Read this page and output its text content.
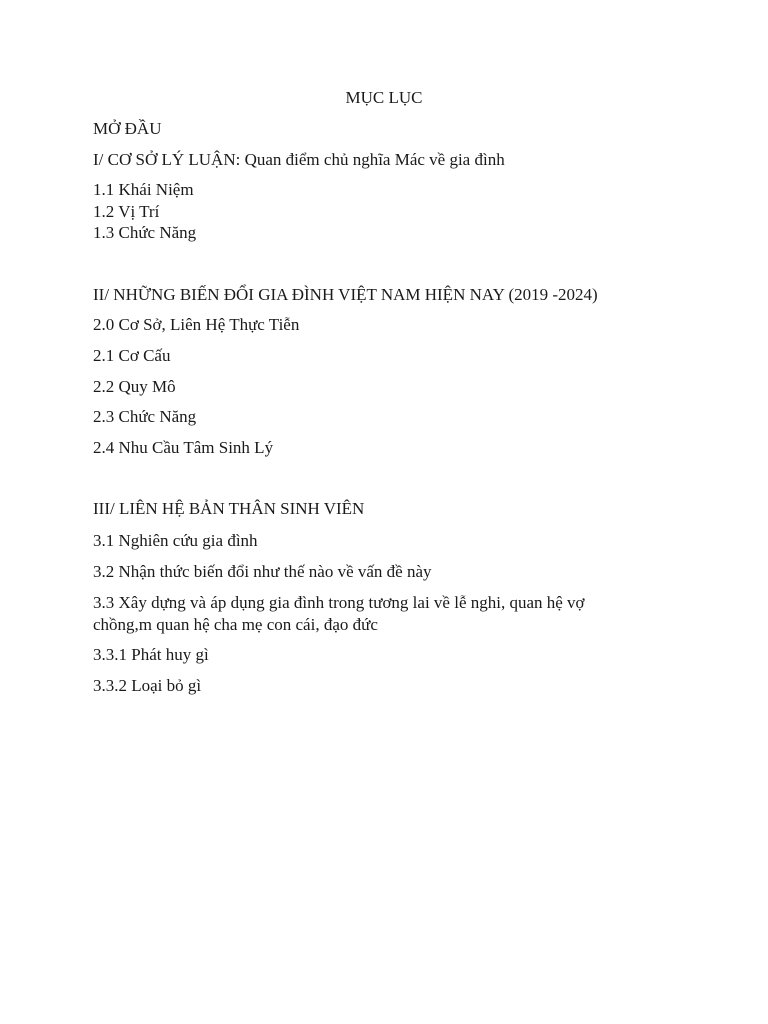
MỤC LỤC
MỞ ĐẦU
I/ CƠ SỞ LÝ LUẬN: Quan điểm chủ nghĩa Mác về gia đình
1.1 Khái Niệm
1.2 Vị Trí
1.3 Chức Năng
II/ NHỮNG BIẾN ĐỔI GIA ĐÌNH VIỆT NAM HIỆN NAY (2019 -2024)
2.0 Cơ Sở, Liên Hệ Thực Tiễn
2.1 Cơ Cấu
2.2 Quy Mô
2.3 Chức Năng
2.4 Nhu Cầu Tâm Sinh Lý
III/ LIÊN HỆ BẢN THÂN SINH VIÊN
3.1 Nghiên cứu gia đình
3.2 Nhận thức biến đổi như thế nào về vấn đề này
3.3 Xây dựng và áp dụng gia đình trong tương lai về lễ nghi, quan hệ vợ chồng,m quan hệ cha mẹ con cái, đạo đức
3.3.1 Phát huy gì
3.3.2 Loại bỏ gì
